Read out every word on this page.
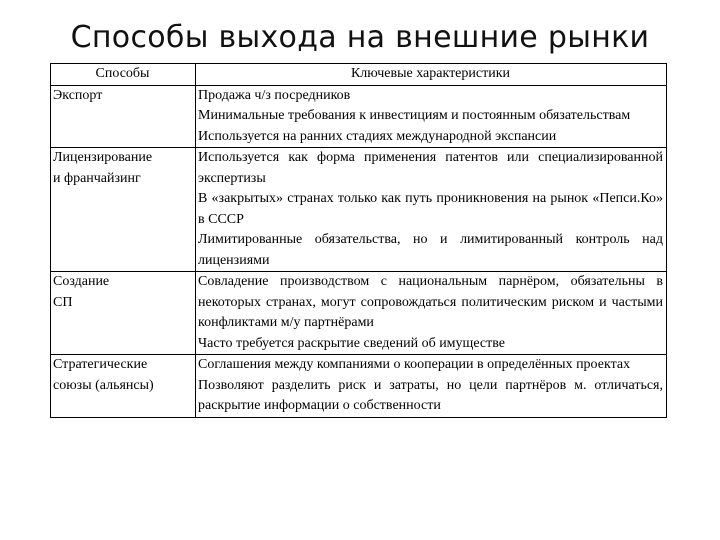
Способы выхода на внешние рынки
Способы	Ключевые характеристики

Экспорт	Продажа ч/з посредников
Минимальные требования к инвестициям и постоянным обязательствам
Используется на ранних стадиях международной экспансии

Лицензирование
и франчайзинг	Используется как форма применения патентов или специализированной экспертизы
В «закрытых» странах только как путь проникновения на рынок «Пепси.Ко» в СССР
Лимитированные обязательства, но и лимитированный контроль над лицензиями

Создание
СП	Совладение производством с национальным парнёром, обязательны в некоторых странах, могут сопровождаться политическим риском и частыми конфликтами м/у партнёрами
Часто требуется раскрытие сведений об имуществе

Стратегические
союзы (альянсы)	Соглашения между компаниями о кооперации в определённых проектах
Позволяют разделить риск и затраты, но цели партнёров м. отличаться, раскрытие информации о собственности
